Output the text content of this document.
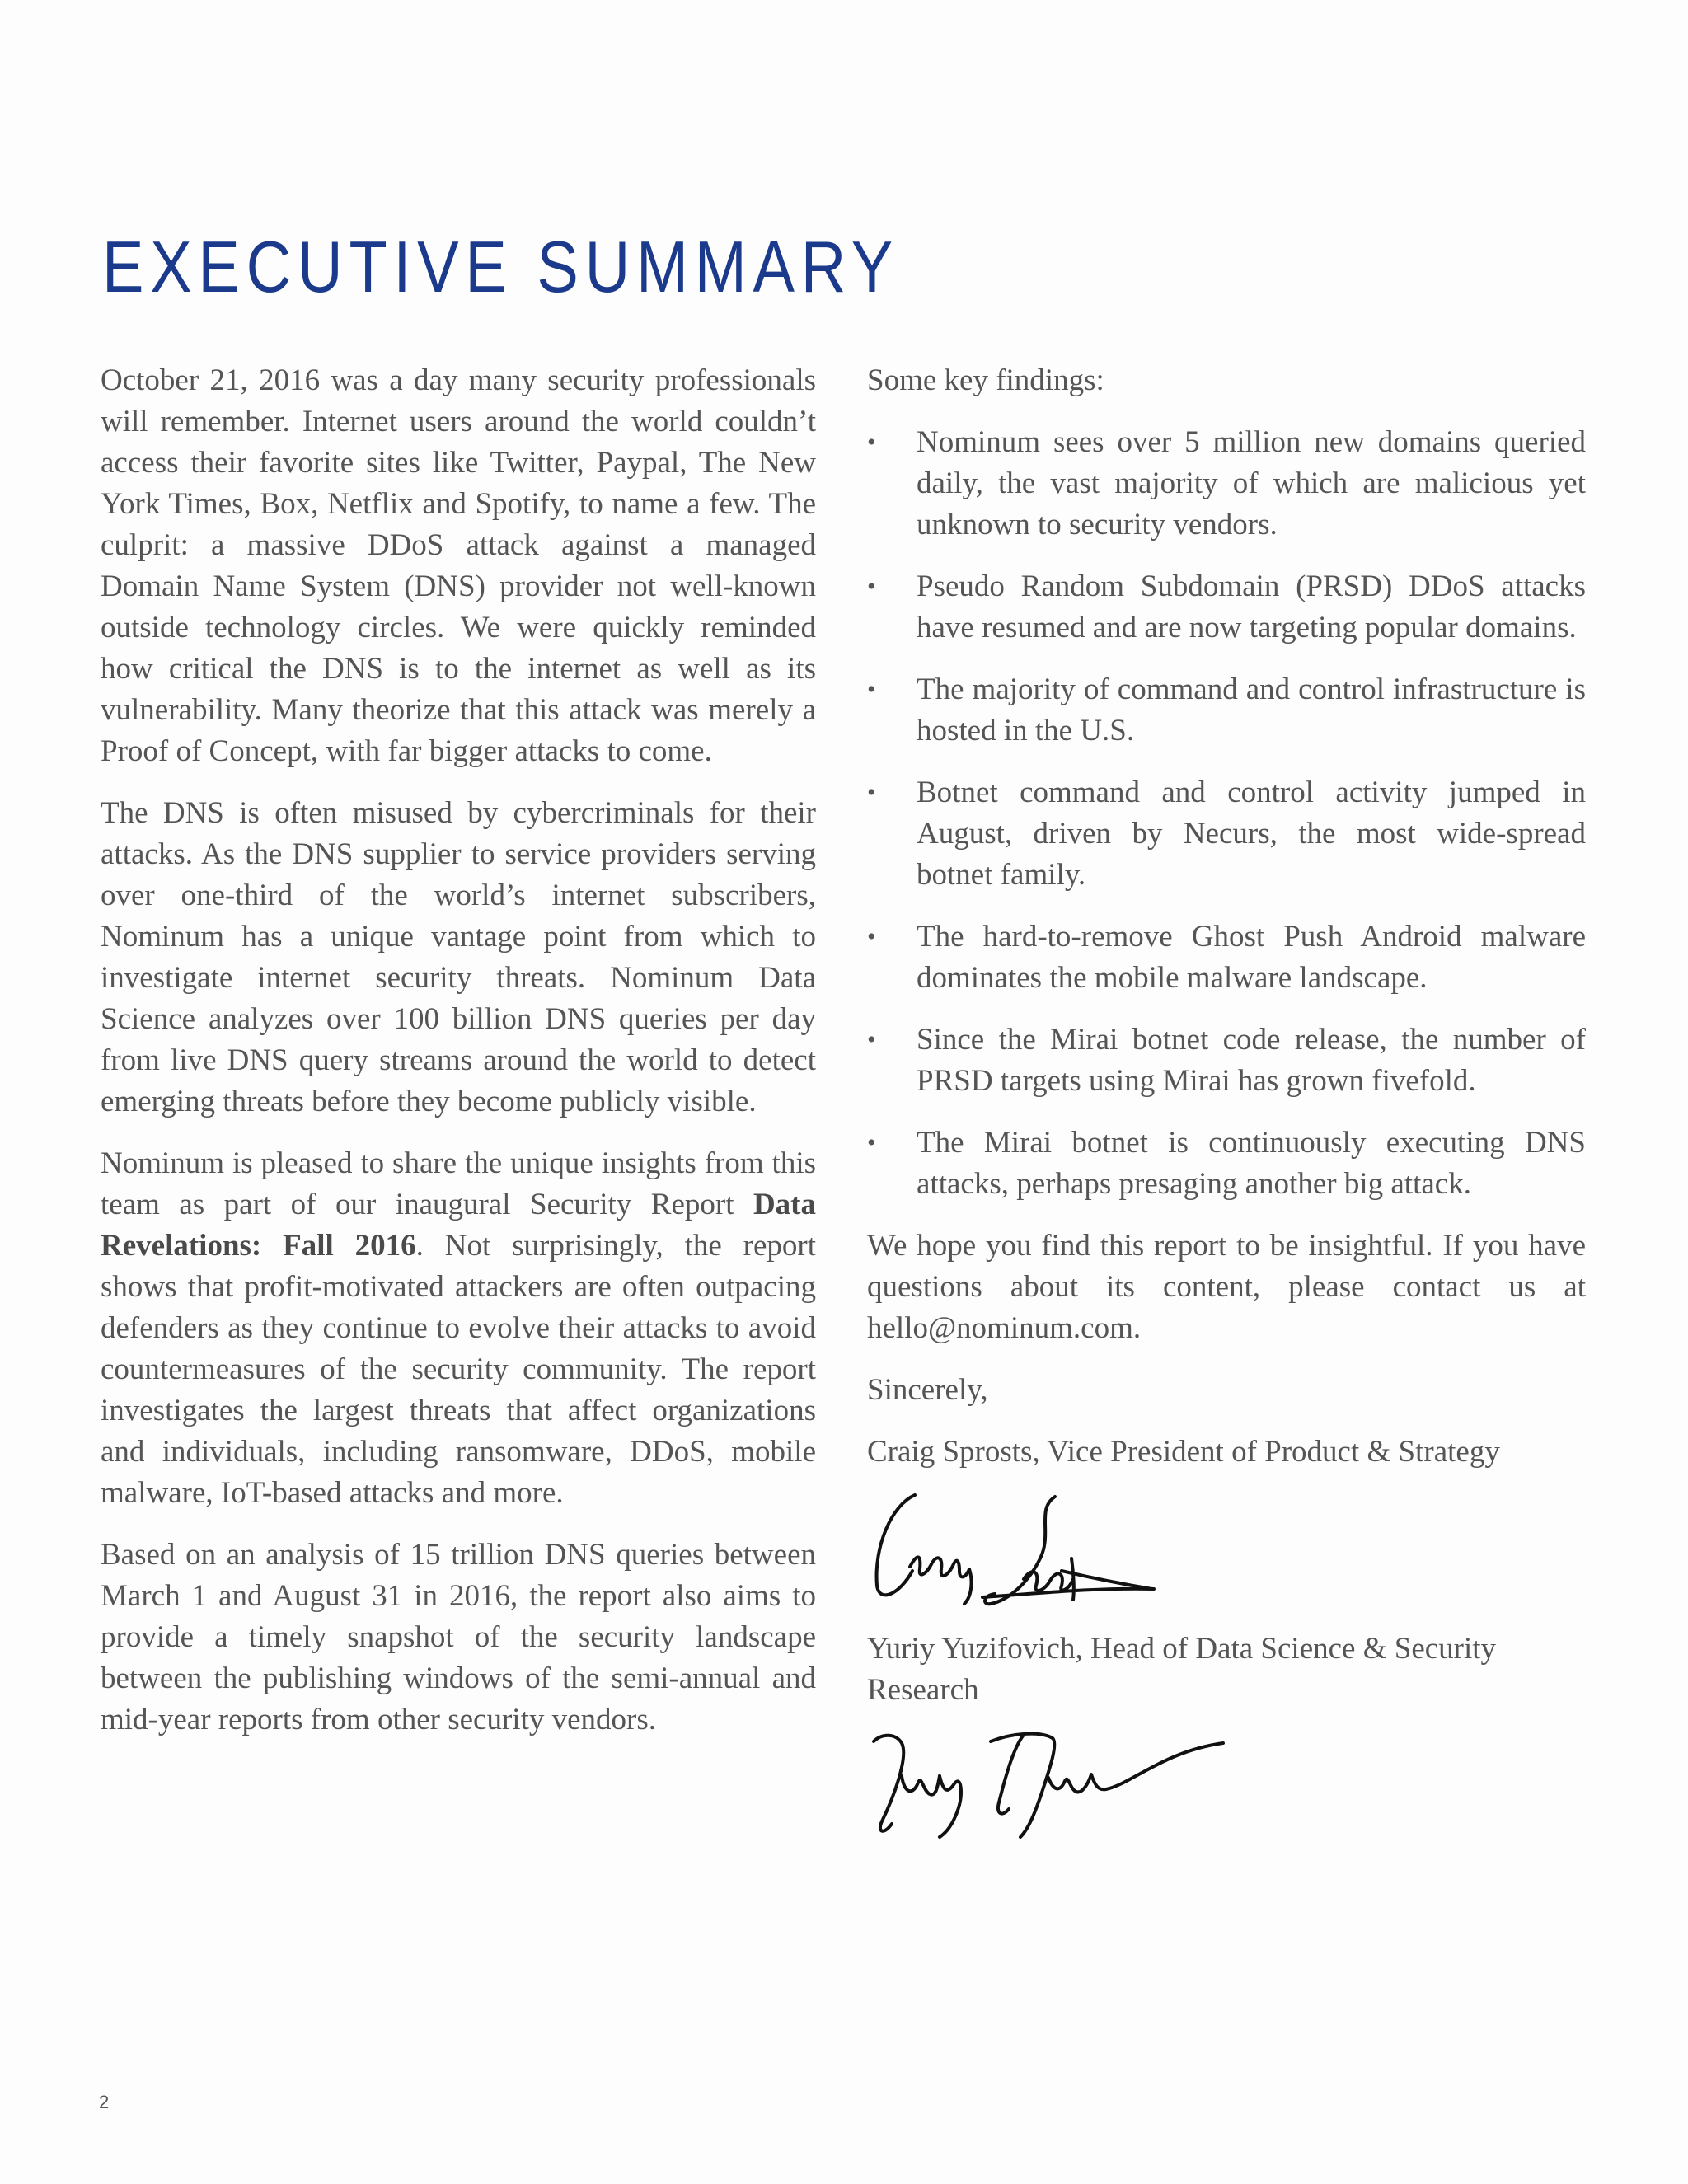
EXECUTIVE SUMMARY

October 21, 2016 was a day many security professionals will remember. Internet users around the world couldn’t access their favorite sites like Twitter, Paypal, The New York Times, Box, Netflix and Spotify, to name a few. The culprit: a massive DDoS attack against a managed Domain Name System (DNS) provider not well-known outside technology circles. We were quickly reminded how critical the DNS is to the internet as well as its vulnerability. Many theorize that this attack was merely a Proof of Concept, with far bigger attacks to come.

The DNS is often misused by cybercriminals for their attacks. As the DNS supplier to service providers serving over one-third of the world’s internet subscribers, Nominum has a unique vantage point from which to investigate internet security threats. Nominum Data Science analyzes over 100 billion DNS queries per day from live DNS query streams around the world to detect emerging threats before they become publicly visible.

Nominum is pleased to share the unique insights from this team as part of our inaugural Security Report Data Revelations: Fall 2016. Not surprisingly, the report shows that profit-motivated attackers are often outpacing defenders as they continue to evolve their attacks to avoid countermeasures of the security community. The report investigates the largest threats that affect organizations and individuals, including ransomware, DDoS, mobile malware, IoT-based attacks and more.

Based on an analysis of 15 trillion DNS queries between March 1 and August 31 in 2016, the report also aims to provide a timely snapshot of the security landscape between the publishing windows of the semi-annual and mid-year reports from other security vendors.

Some key findings:

• Nominum sees over 5 million new domains queried daily, the vast majority of which are malicious yet unknown to security vendors.
• Pseudo Random Subdomain (PRSD) DDoS attacks have resumed and are now targeting popular domains.
• The majority of command and control infrastructure is hosted in the U.S.
• Botnet command and control activity jumped in August, driven by Necurs, the most wide-spread botnet family.
• The hard-to-remove Ghost Push Android malware dominates the mobile malware landscape.
• Since the Mirai botnet code release, the number of PRSD targets using Mirai has grown fivefold.
• The Mirai botnet is continuously executing DNS attacks, perhaps presaging another big attack.

We hope you find this report to be insightful. If you have questions about its content, please contact us at hello@nominum.com.

Sincerely,

Craig Sprosts, Vice President of Product & Strategy

Yuriy Yuzifovich, Head of Data Science & Security Research

2
